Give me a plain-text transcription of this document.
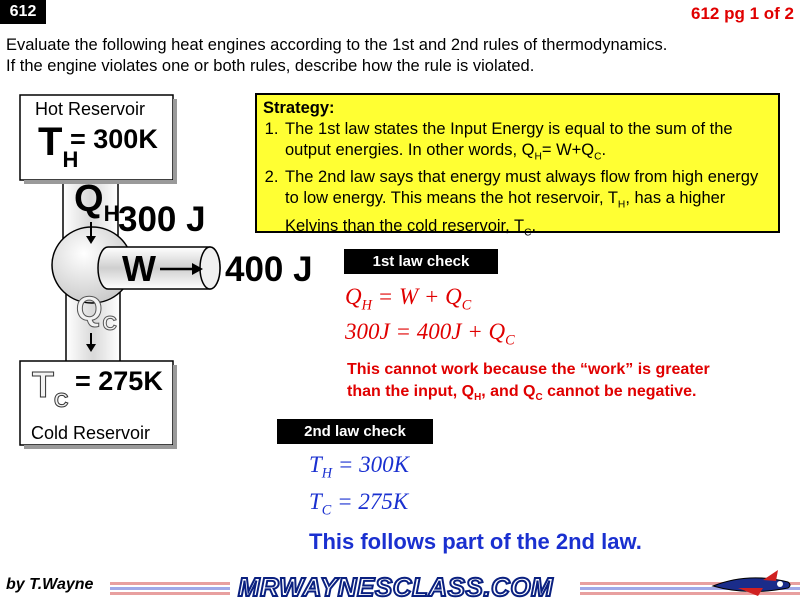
612	612 pg 1 of 2
Evaluate the following heat engines according to the 1st and 2nd rules of thermodynamics.
If the engine violates one or both rules, describe how the rule is violated.
Hot Reservoir
$T_H$
= 300K
$Q_H$
300 J
W 400 J
$Q_C$
$T_C$
= 275K
Cold Reservoir
Strategy:
1. The 1st law states the Input Energy is equal to the sum of the output energies. In other words, $Q_H= W+Q_C$.
2. The 2nd law says that energy must always flow from high energy to low energy. This means the hot reservoir, $T_H$, has a higher Kelvins than the cold reservoir, $T_C$.
1st law check
$Q_H = W + Q_C$
$300J = 400J + Q_C$
This cannot work because the “work” is greater
than the input, $Q_H$, and $Q_C$ cannot be negative.
2nd law check
$T_H = 300K$
$T_C = 275K$
This follows part of the 2nd law.
by T.Wayne	MRWAYNESCLASS.COM
